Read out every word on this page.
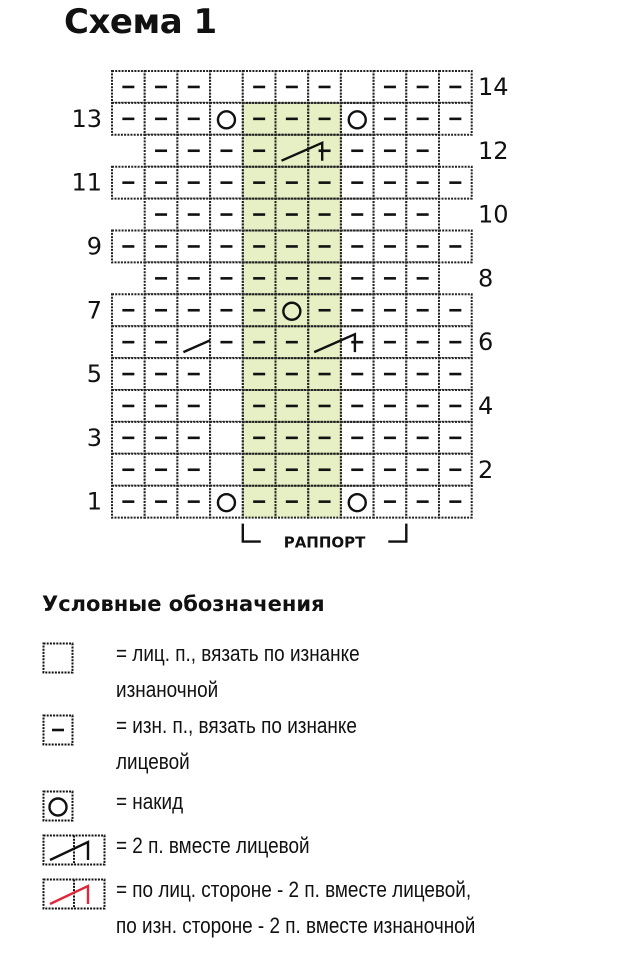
Схема 1
1
3
5
7
9
11
13
2
4
6
8
10
12
14
РАППОРТ
Условные обозначения
= лиц. п., вязать по изнанке
изнаночной
= изн. п., вязать по изнанке
лицевой
= накид
= 2 п. вместе лицевой
= по лиц. стороне - 2 п. вместе лицевой,
по изн. стороне - 2 п. вместе изнаночной
